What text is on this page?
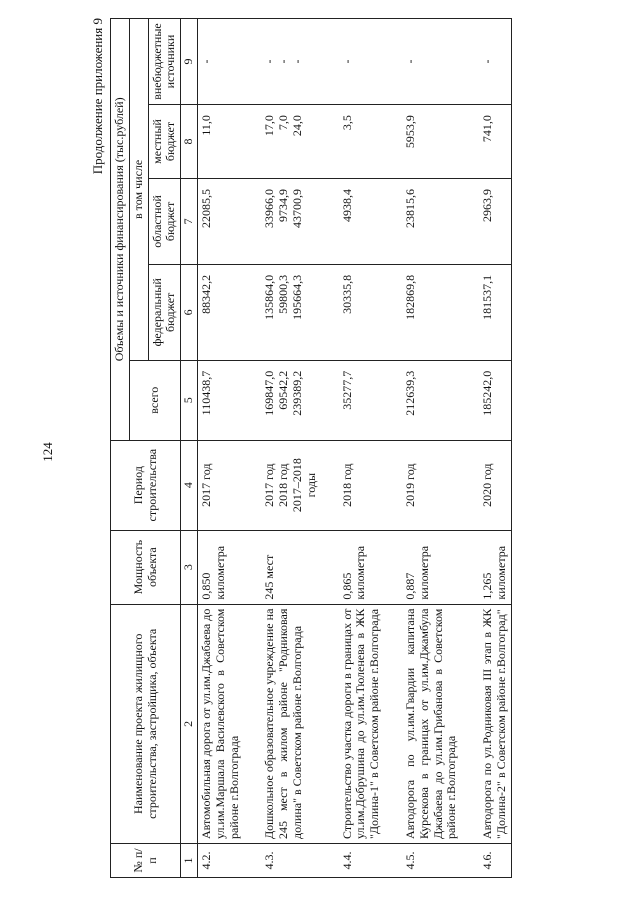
124
Продолжение приложения 9
№ п/п	Наименование проекта жилищного строительства, застройщика, объекта	Мощность объекта	Период строительства	Объемы и источники финансирования (тыс.рублей)				
				всего	в том числе			
					федеральный бюджет	областной бюджет	местный бюджет	внебюджетные источники
1	2	3	4	5	6	7	8	9
4.2.	Автомобильная дорога от ул.им.Джабаева до ул.им.Маршала Василевского в Советском районе г.Волгограда	0,850 километра	2017 год	110438,7	88342,2	22085,5	11,0	-

4.3.	Дошкольное образовательное учреждение на 245 мест в жилом районе "Родниковая долина" в Советском районе г.Волгограда	245 мест	2017 год 2018 год 2017–2018 годы	169847,0 69542,2 239389,2	135864,0 59800,3 195664,3	33966,0 9734,9 43700,9	17,0 7,0 24,0	- - -

4.4.	Строительство участка дороги в границах от ул.им.Добрушина до ул.им.Тюленева в ЖК "Долина-1" в Советском районе г.Волгограда	0,865 километра	2018 год	35277,7	30335,8	4938,4	3,5	-

4.5.	Автодорога по ул.им.Гвардии капитана Курсекова в границах от ул.им.Джамбула Джабаева до ул.им.Грибанова в Советском районе г.Волгограда	0,887 километра	2019 год	212639,3	182869,8	23815,6	5953,9	-

4.6.	Автодорога по ул.Родниковая III этап в ЖК "Долина-2" в Советском районе г.Волгоград"	1,265 километра	2020 год	185242,0	181537,1	2963,9	741,0	-
